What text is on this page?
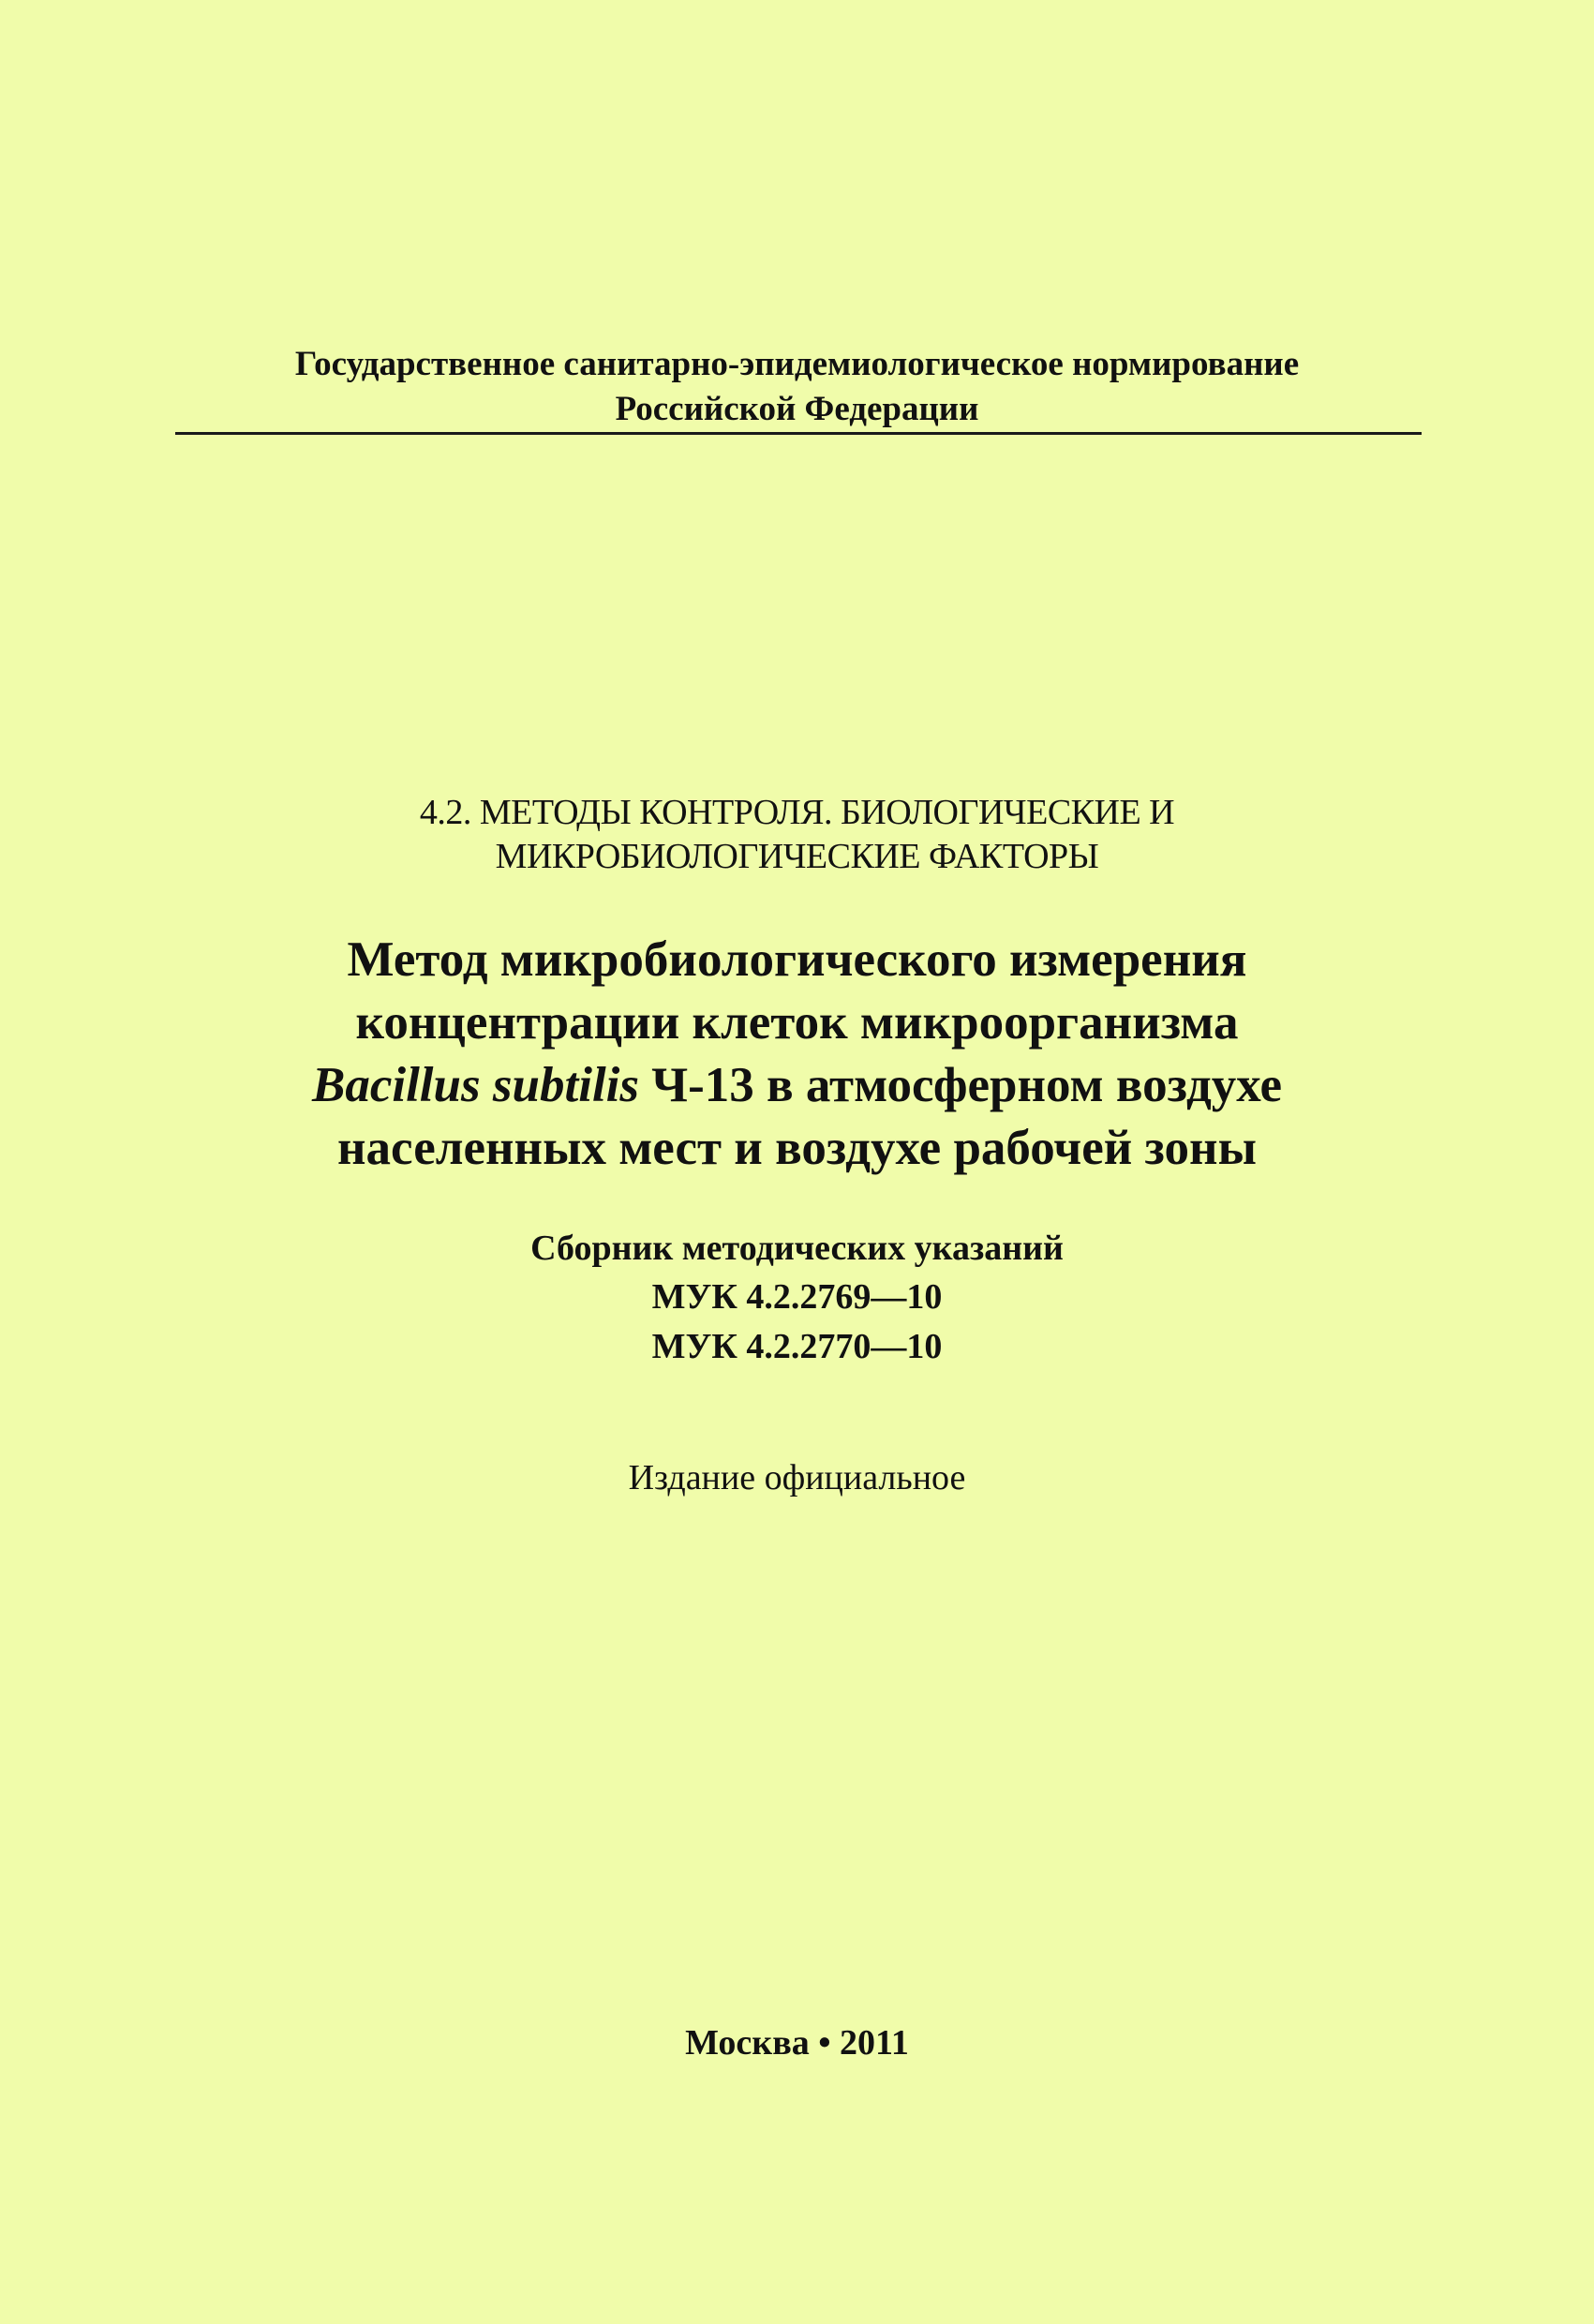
Государственное санитарно-эпидемиологическое нормирование
Российской Федерации
4.2. МЕТОДЫ КОНТРОЛЯ. БИОЛОГИЧЕСКИЕ И
МИКРОБИОЛОГИЧЕСКИЕ ФАКТОРЫ
Метод микробиологического измерения
концентрации клеток микроорганизма
Bacillus subtilis Ч-13 в атмосферном воздухе
населенных мест и воздухе рабочей зоны
Сборник методических указаний
МУК 4.2.2769—10
МУК 4.2.2770—10
Издание официальное
Москва • 2011
